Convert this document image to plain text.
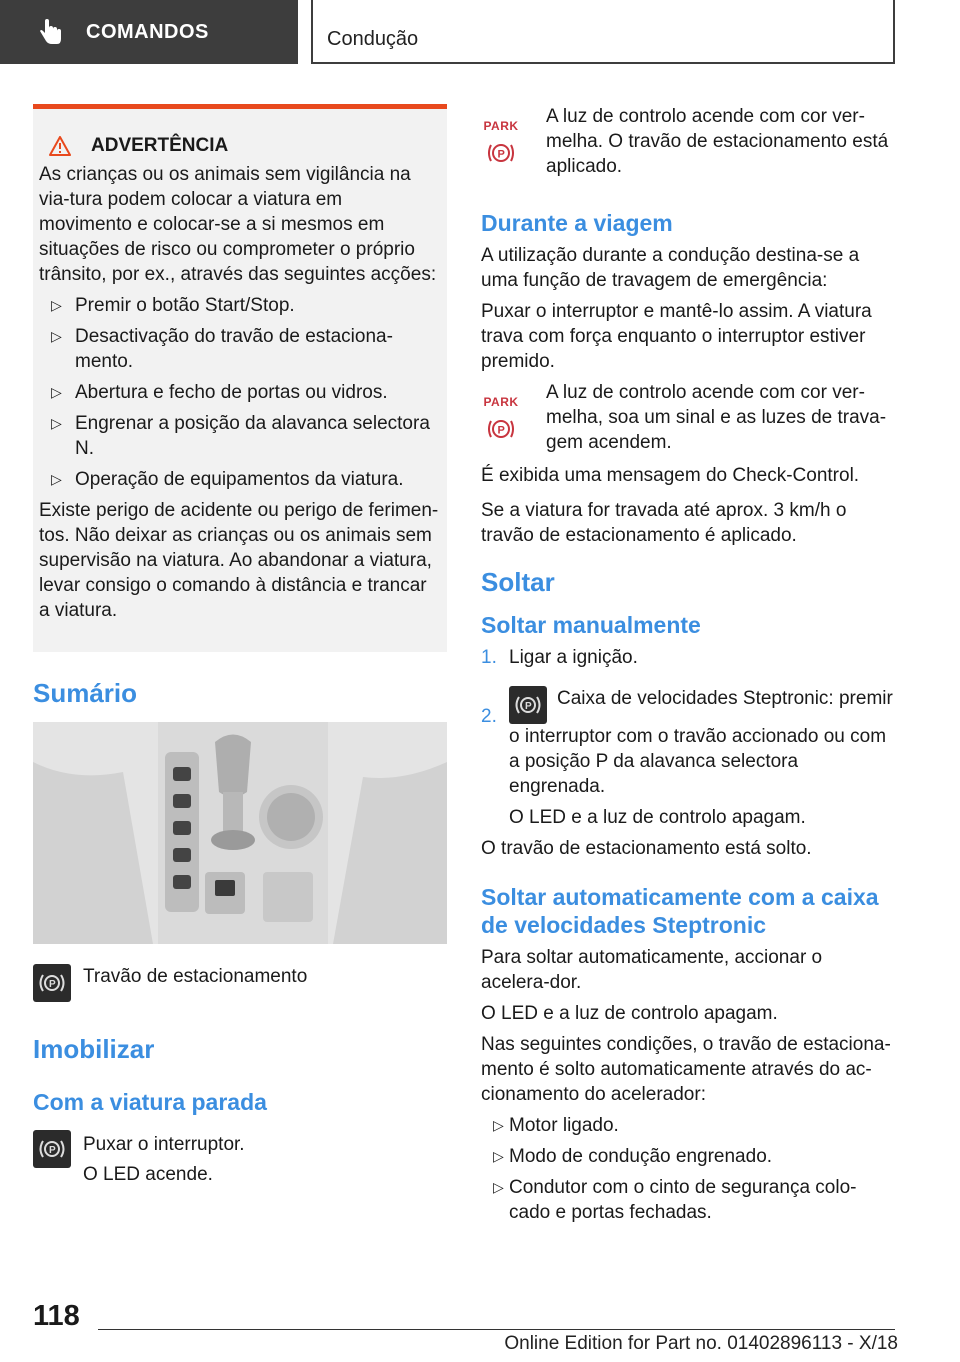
COMANDOS	Condução
ADVERTÊNCIA

As crianças ou os animais sem vigilância na via-tura podem colocar a viatura em movimento e colocar-se a si mesmos em situações de risco ou comprometer o próprio trânsito, por ex., através das seguintes acções:

▷ Premir o botão Start/Stop.
▷ Desactivação do travão de estaciona-mento.
▷ Abertura e fecho de portas ou vidros.
▷ Engrenar a posição da alavanca selectora N.
▷ Operação de equipamentos da viatura.

Existe perigo de acidente ou perigo de ferimen-tos. Não deixar as crianças ou os animais sem supervisão na viatura. Ao abandonar a viatura, levar consigo o comando à distância e trancar a viatura.

Sumário
P Travão de estacionamento
Imobilizar
Com a viatura parada
P Puxar o interruptor.
O LED acende.
PARK
P

A luz de controlo acende com cor ver-melha. O travão de estacionamento está aplicado.

Durante a viagem

A utilização durante a condução destina-se a uma função de travagem de emergência:

Puxar o interruptor e mantê-lo assim. A viatura trava com força enquanto o interruptor estiver premido.

PARK
P

A luz de controlo acende com cor ver-melha, soa um sinal e as luzes de trava-gem acendem.

É exibida uma mensagem do Check-Control.

Se a viatura for travada até aprox. 3 km/h o travão de estacionamento é aplicado.

Soltar
Soltar manualmente
1. Ligar a ignição.
2.	P Caixa de velocidades Steptronic: premir o interruptor com o travão accionado ou com a posição P da alavanca selectora engrenada.
O LED e a luz de controlo apagam.

O travão de estacionamento está solto.

Soltar automaticamente com a caixa de velocidades Steptronic

Para soltar automaticamente, accionar o acelera-dor.

O LED e a luz de controlo apagam.

Nas seguintes condições, o travão de estaciona-mento é solto automaticamente através do ac-cionamento do acelerador:

▷ Motor ligado.
▷ Modo de condução engrenado.
▷ Condutor com o cinto de segurança colo-cado e portas fechadas.
118
Online Edition for Part no. 01402896113 - X/18
